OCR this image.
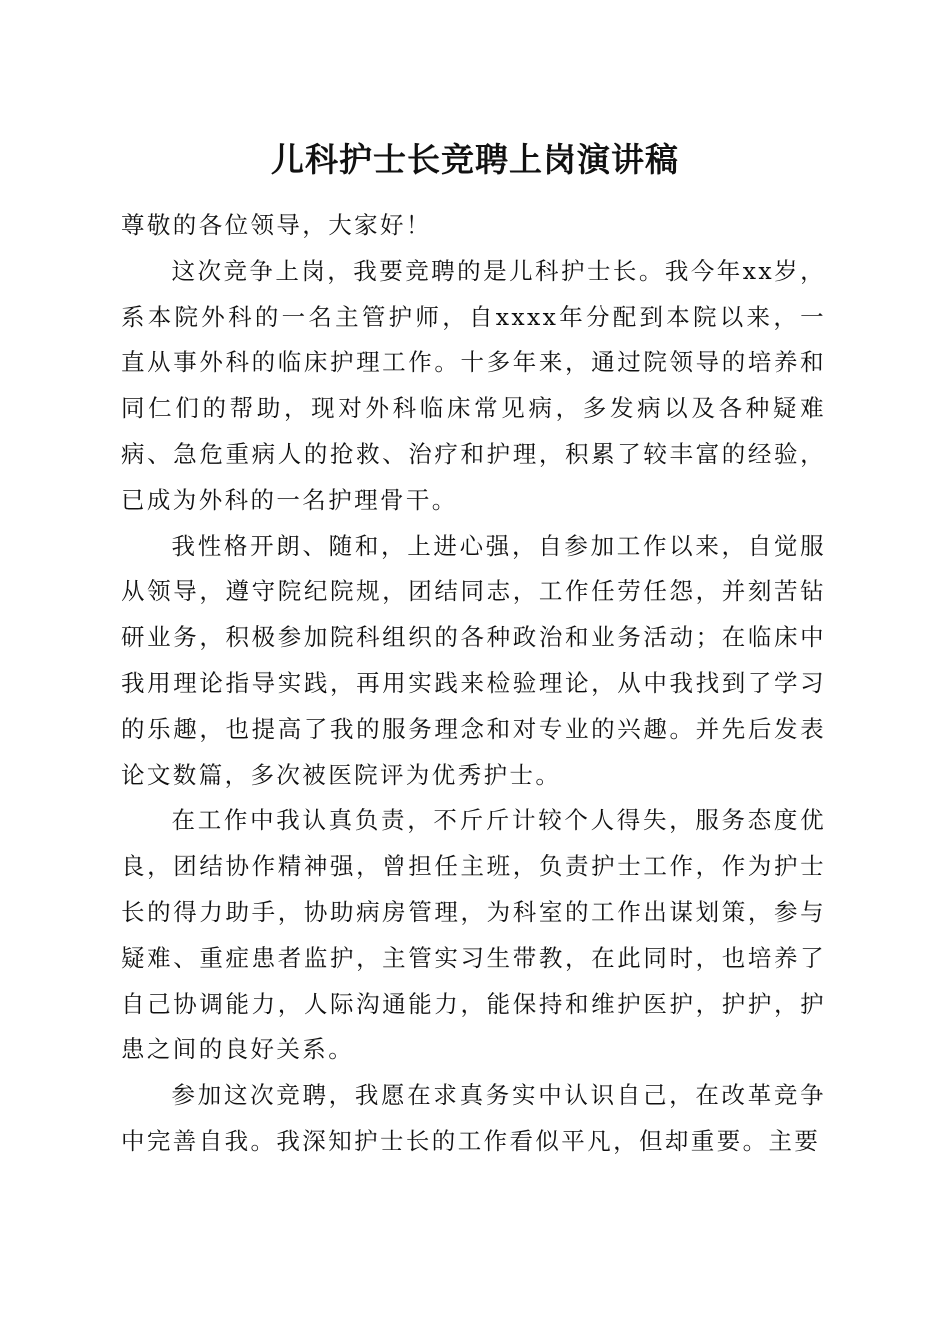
儿科护士长竞聘上岗演讲稿

尊敬的各位领导，大家好！

这次竞争上岗，我要竞聘的是儿科护士长。我今年xx岁，系本院外科的一名主管护师，自xxxx年分配到本院以来，一直从事外科的临床护理工作。十多年来，通过院领导的培养和同仁们的帮助，现对外科临床常见病，多发病以及各种疑难病、急危重病人的抢救、治疗和护理，积累了较丰富的经验，已成为外科的一名护理骨干。

我性格开朗、随和，上进心强，自参加工作以来，自觉服从领导，遵守院纪院规，团结同志，工作任劳任怨，并刻苦钻研业务，积极参加院科组织的各种政治和业务活动；在临床中我用理论指导实践，再用实践来检验理论，从中我找到了学习的乐趣，也提高了我的服务理念和对专业的兴趣。并先后发表论文数篇，多次被医院评为优秀护士。

在工作中我认真负责，不斤斤计较个人得失，服务态度优良，团结协作精神强，曾担任主班，负责护士工作，作为护士长的得力助手，协助病房管理，为科室的工作出谋划策，参与疑难、重症患者监护，主管实习生带教，在此同时，也培养了自己协调能力，人际沟通能力，能保持和维护医护，护护，护患之间的良好关系。

参加这次竞聘，我愿在求真务实中认识自己，在改革竞争中完善自我。我深知护士长的工作看似平凡，但却重要。主要
